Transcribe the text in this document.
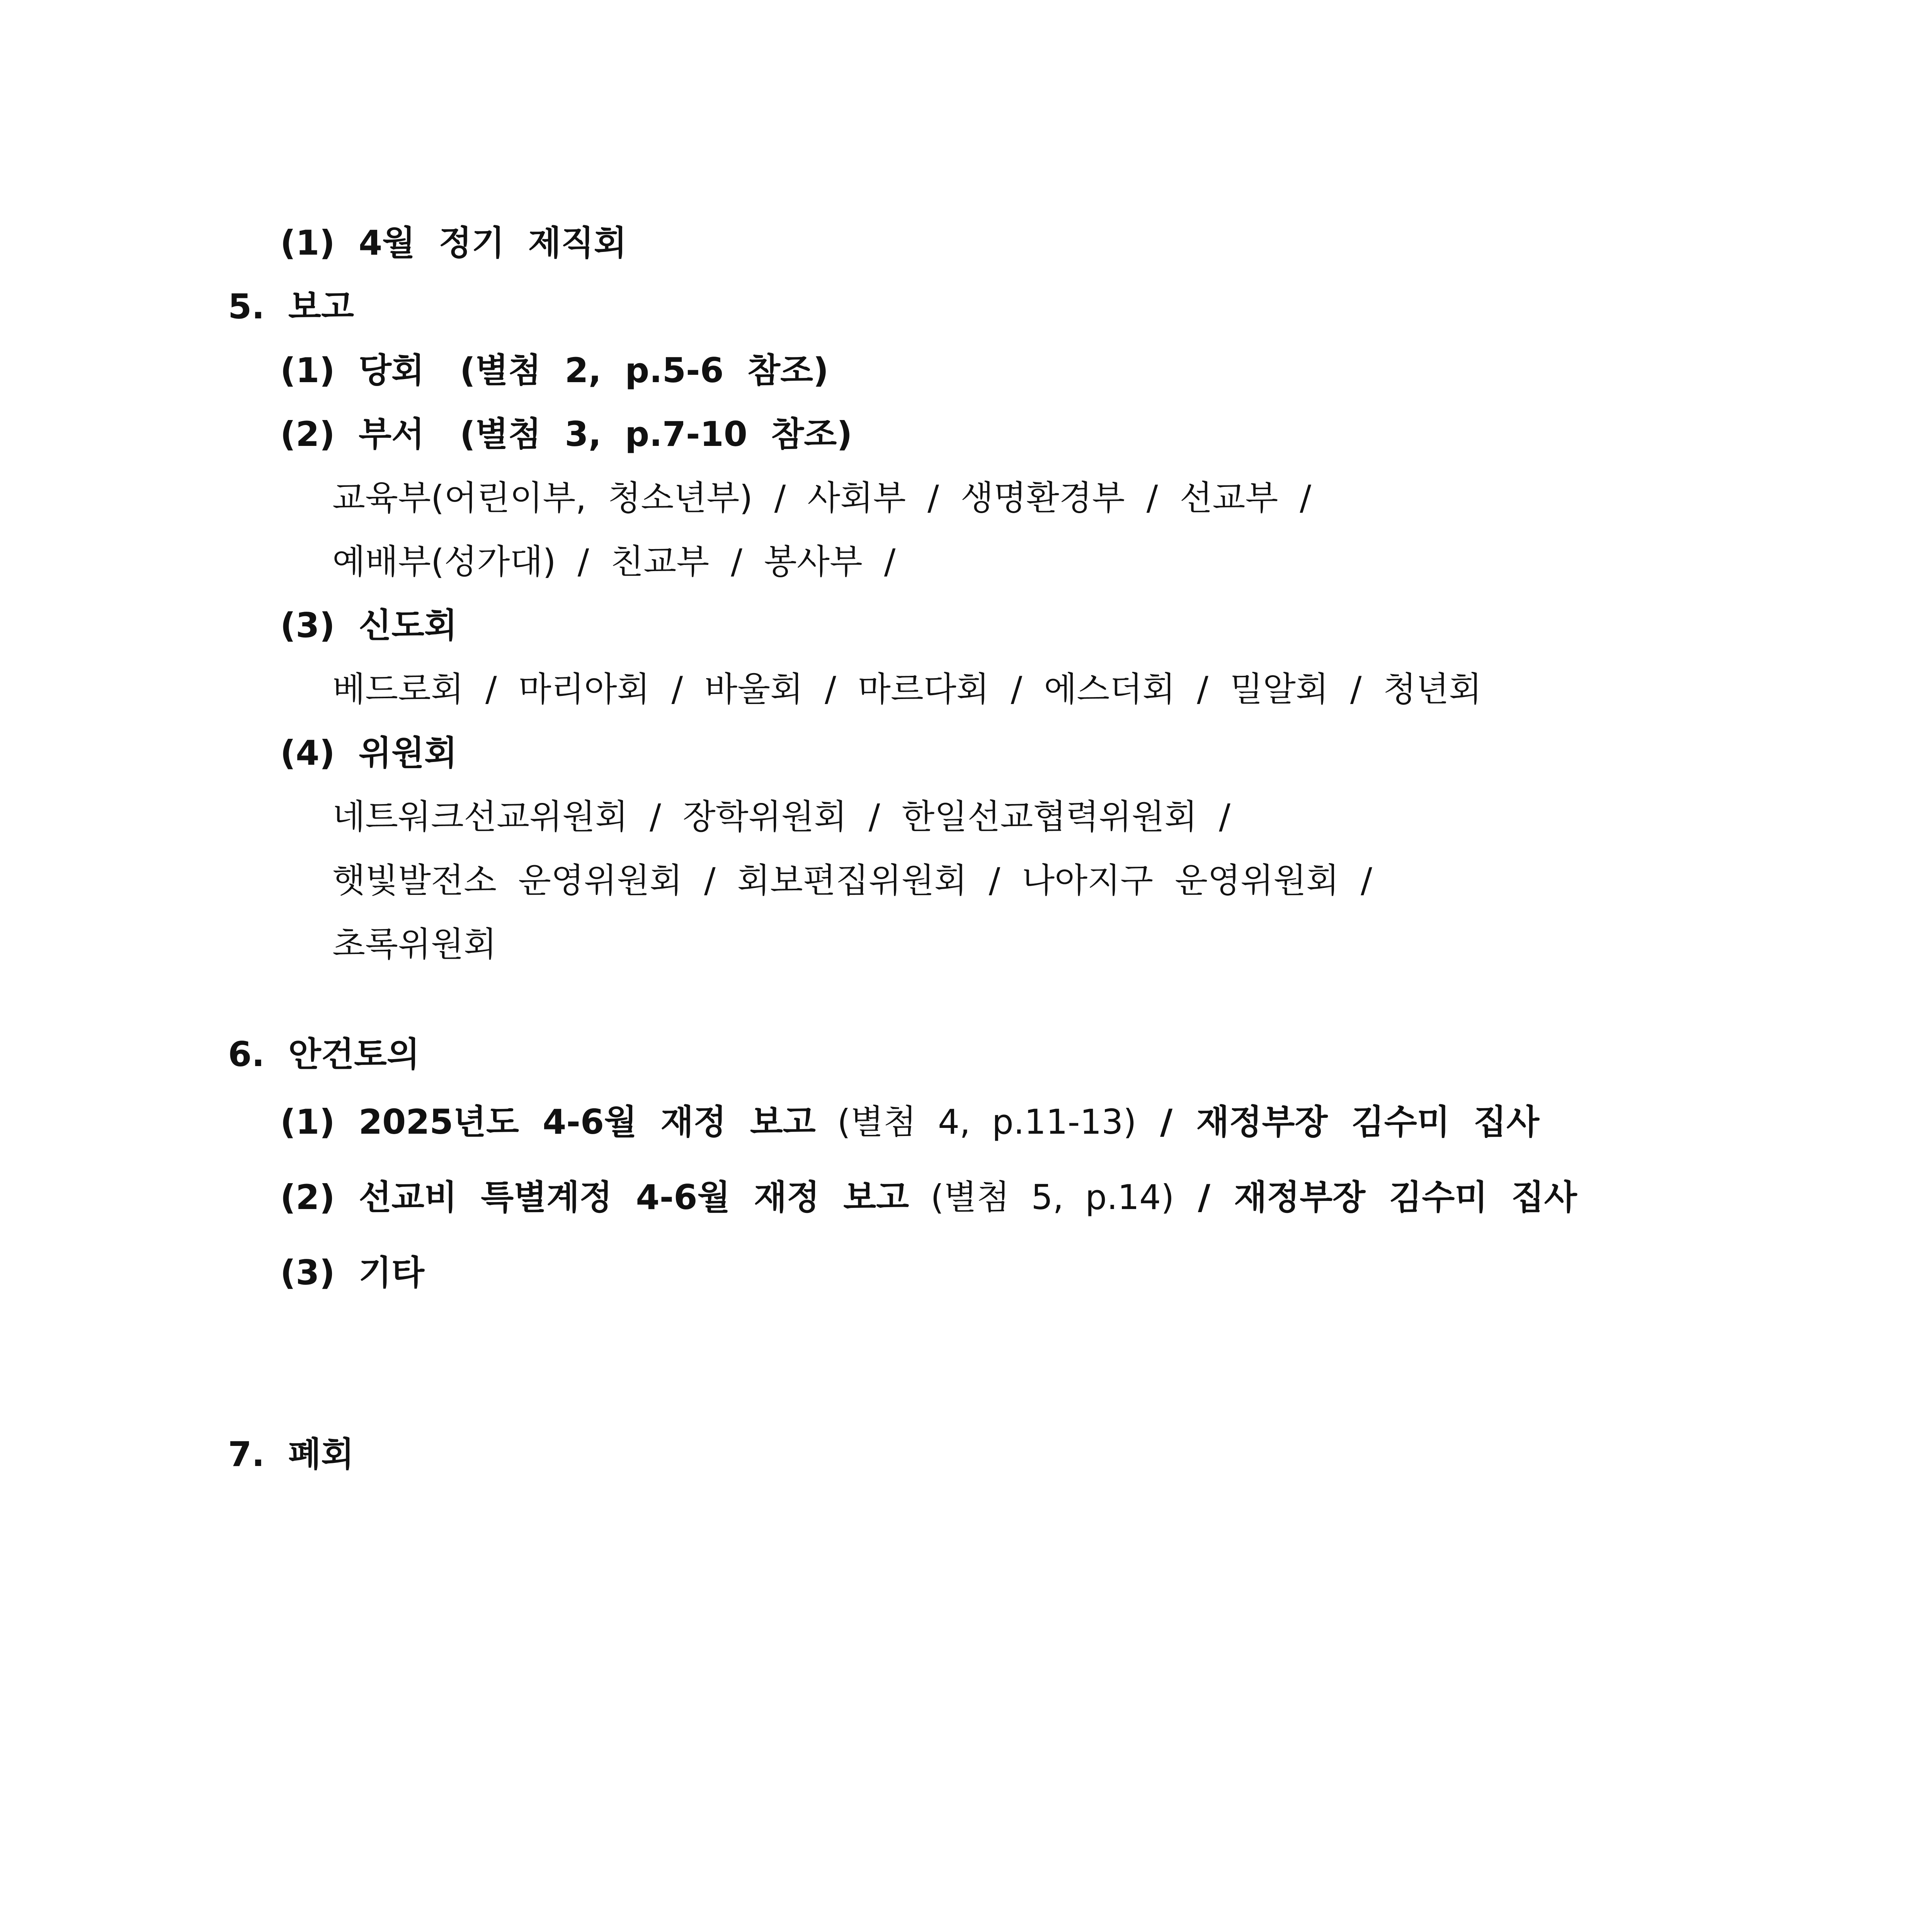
(1)  4월  정기  제직회
5.  보고
(1)  당회   (별첨  2,  p.5-6  참조)
(2)  부서   (별첨  3,  p.7-10  참조)
교육부(어린이부,  청소년부)  /  사회부  /  생명환경부  /  선교부  /
예배부(성가대)  /  친교부  /  봉사부  /
(3)  신도회
베드로회  /  마리아회  /  바울회  /  마르다회  /  에스더회  /  밀알회  /  청년회
(4)  위원회
네트워크선교위원회  /  장학위원회  /  한일선교협력위원회  /
햇빛발전소  운영위원회  /  회보편집위원회  /  나아지구  운영위원회  /
초록위원회
6.  안건토의
(1)  2025년도  4-6월  재정  보고  (별첨  4,  p.11-13)  /  재정부장  김수미  집사
(2)  선교비  특별계정  4-6월  재정  보고  (별첨  5,  p.14)  /  재정부장  김수미  집사
(3)  기타
7.  폐회
